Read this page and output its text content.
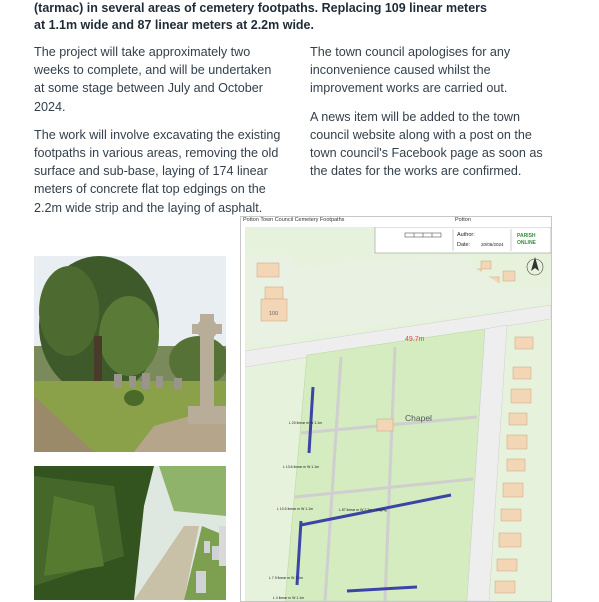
(tarmac) in several areas of cemetery footpaths. Replacing 109 linear meters
at 1.1m wide and 87 linear meters at 2.2m wide.

The project will take approximately two weeks to complete, and will be undertaken at some stage between July and October 2024.

The work will involve excavating the existing footpaths in various areas, removing the old surface and sub-base, laying of 174 linear meters of concrete flat top edgings on the 2.2m wide strip and the laying of asphalt.

The town council apologises for any inconvenience caused whilst the improvement works are carried out.

A news item will be added to the town council website along with a post on the town council's Facebook page as soon as the dates for the works are confirmed.

Potton Town Council Cemetery Footpaths	Potton
Author:
Date: 20/06/2024
PARISH
ONLINE
100
Chapel
49.7m
L 20 linear m W 1.1m
L 13.6 linear m W 1.1m
L 10.5 linear m W 1.1m
L 7.9 linear m W 1.1m
L 4 linear m W 1.1m
L 87 linear m W 2.2m + edging
